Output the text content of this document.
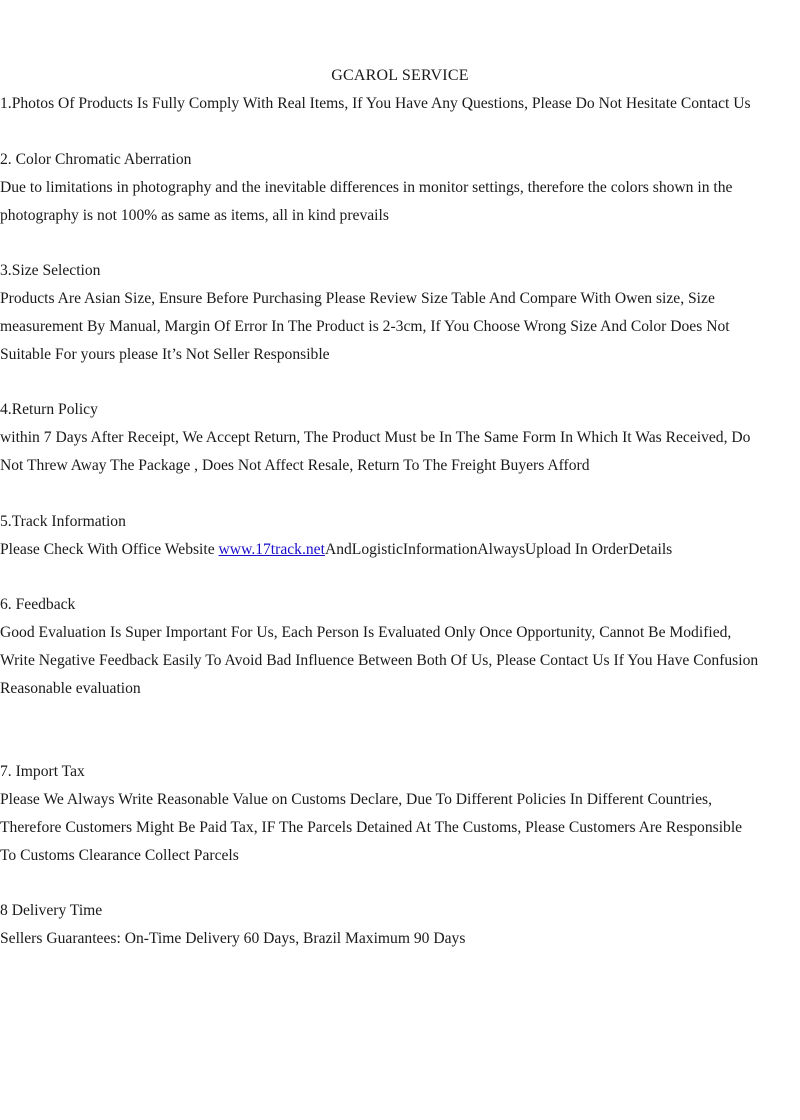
GCAROL SERVICE
1.Photos Of Products Is Fully Comply With Real Items, If You Have Any Questions, Please Do Not Hesitate Contact Us
2. Color Chromatic Aberration
Due to limitations in photography and the inevitable differences in monitor settings, therefore the colors shown in the
photography is not 100% as same as items, all in kind prevails
3.Size Selection
Products Are Asian Size, Ensure Before Purchasing Please Review Size Table And Compare With Owen size, Size
measurement By Manual, Margin Of Error In The Product is 2-3cm, If You Choose Wrong Size And Color Does Not
Suitable For yours please It’s Not Seller Responsible
4.Return Policy
within 7 Days After Receipt, We Accept Return, The Product Must be In The Same Form In Which It Was Received, Do
Not Threw Away The Package , Does Not Affect Resale, Return To The Freight Buyers Afford
5.Track Information
Please Check With Office Website www.17track.netAndLogisticInformationAlwaysUpload In OrderDetails
6. Feedback
Good Evaluation Is Super Important For Us, Each Person Is Evaluated Only Once Opportunity, Cannot Be Modified,
Write Negative Feedback Easily To Avoid Bad Influence Between Both Of Us, Please Contact Us If You Have Confusion
Reasonable evaluation
7. Import Tax
Please We Always Write Reasonable Value on Customs Declare, Due To Different Policies In Different Countries,
Therefore Customers Might Be Paid Tax, IF The Parcels Detained At The Customs, Please Customers Are Responsible
To Customs Clearance Collect Parcels
8 Delivery Time
Sellers Guarantees: On-Time Delivery 60 Days, Brazil Maximum 90 Days
